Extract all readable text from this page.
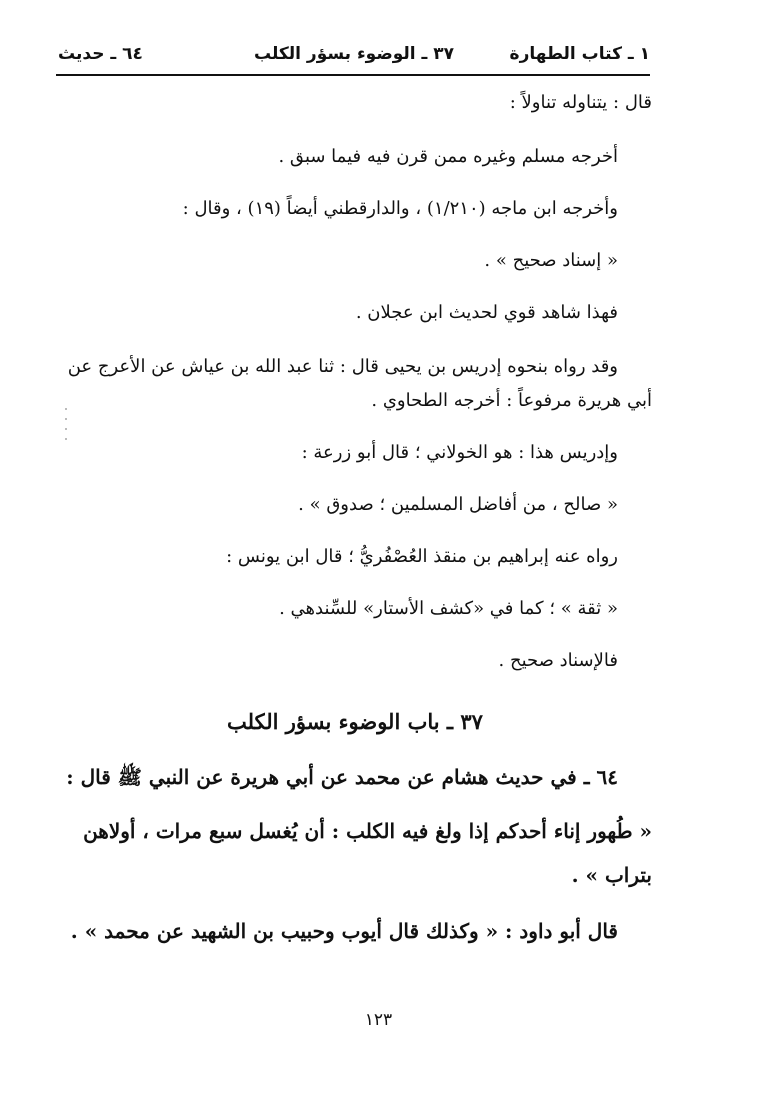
١ ـ كتاب الطهارة
٣٧ ـ الوضوء بسؤر الكلب
٦٤ ـ حديث

قال : يتناوله تناولاً :

أخرجه مسلم وغيره ممن قرن فيه فيما سبق .

وأخرجه ابن ماجه (١/٢١٠) ، والدارقطني أيضاً (١٩) ، وقال :

« إسناد صحيح » .

فهذا شاهد قوي لحديث ابن عجلان .

وقد رواه بنحوه إدريس بن يحيى قال : ثنا عبد الله بن عياش عن الأعرج عن

أبي هريرة مرفوعاً : أخرجه الطحاوي .

وإدريس هذا : هو الخولاني ؛ قال أبو زرعة :

« صالح ، من أفاضل المسلمين ؛ صدوق » .

رواه عنه إبراهيم بن منقذ العُصْفُريُّ ؛ قال ابن يونس :

« ثقة » ؛ كما في «كشف الأستار» للسِّندهي .

فالإسناد صحيح .

٣٧ ـ باب الوضوء بسؤر الكلب

٦٤ ـ في حديث هشام عن محمد عن أبي هريرة عن النبي ﷺ قال :

« طُهور إناء أحدكم إذا ولغ فيه الكلب : أن يُغسل سبع مرات ، أولاهن

بتراب » .

قال أبو داود : « وكذلك قال أيوب وحبيب بن الشهيد عن محمد » .

١٢٣
